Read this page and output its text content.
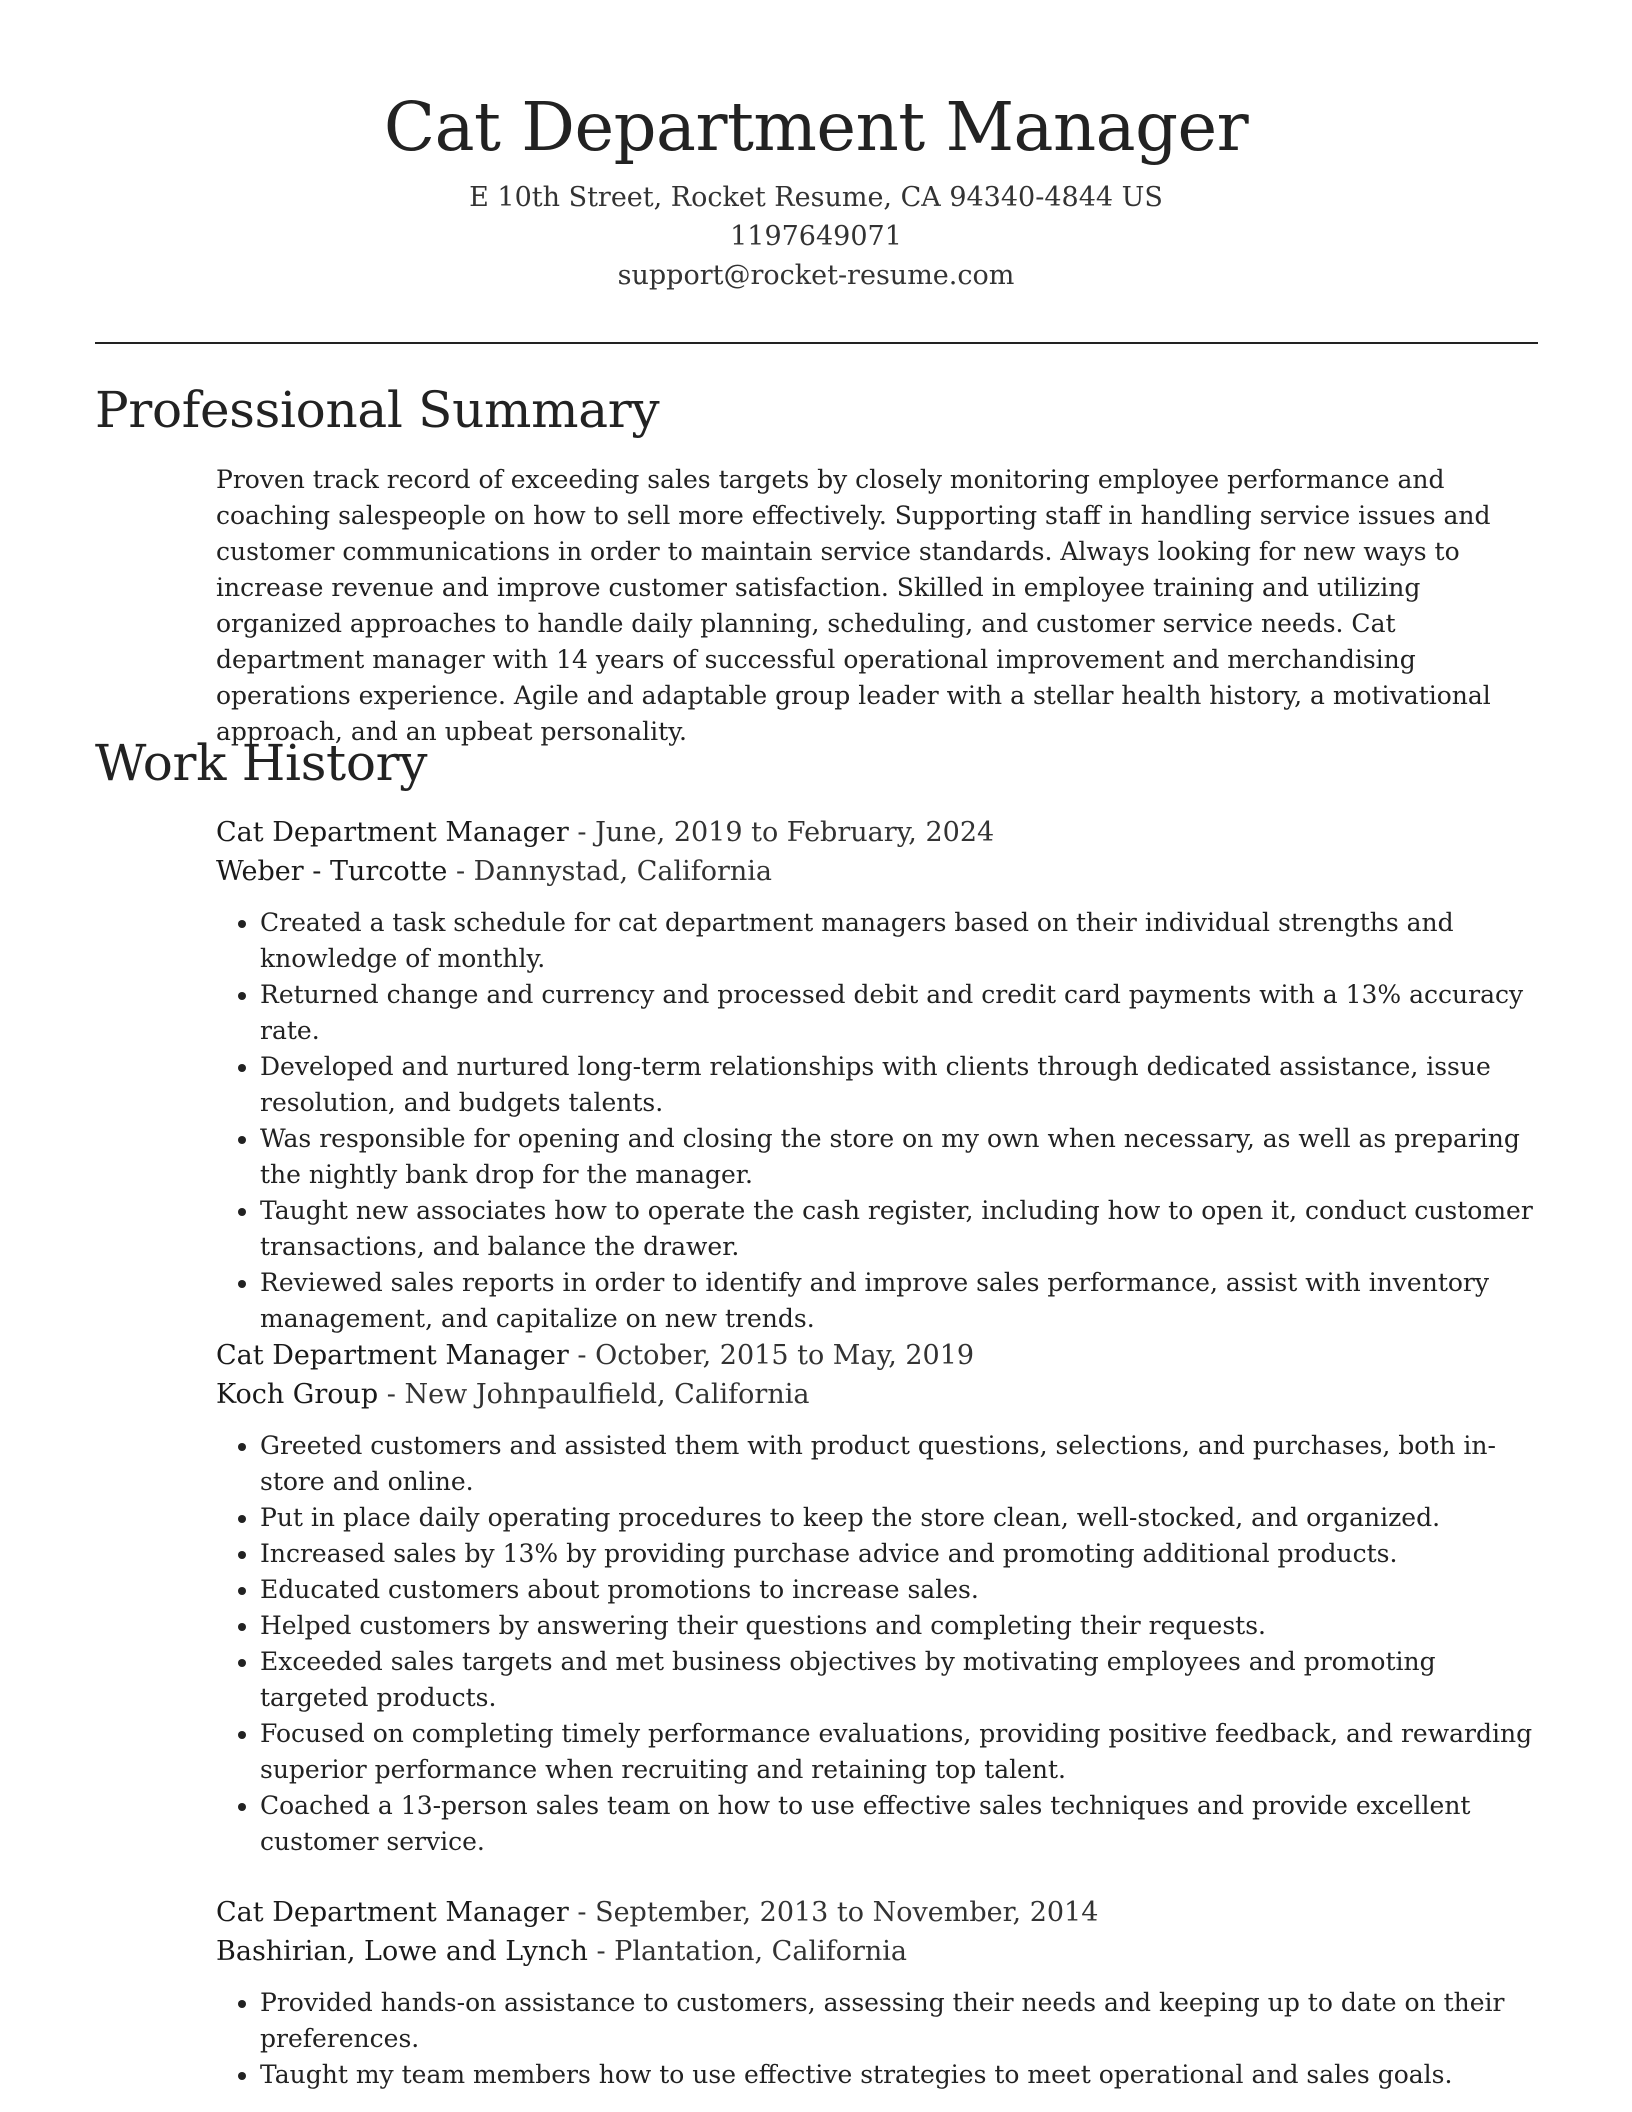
Cat Department Manager
E 10th Street, Rocket Resume, CA 94340-4844 US
1197649071
support@rocket-resume.com
Professional Summary
Proven track record of exceeding sales targets by closely monitoring employee performance and coaching salespeople on how to sell more effectively. Supporting staff in handling service issues and customer communications in order to maintain service standards. Always looking for new ways to increase revenue and improve customer satisfaction. Skilled in employee training and utilizing organized approaches to handle daily planning, scheduling, and customer service needs. Cat department manager with 14 years of successful operational improvement and merchandising operations experience. Agile and adaptable group leader with a stellar health history, a motivational approach, and an upbeat personality.
Work History
Cat Department Manager - June, 2019 to February, 2024
Weber - Turcotte - Dannystad, California
• Created a task schedule for cat department managers based on their individual strengths and knowledge of monthly.
• Returned change and currency and processed debit and credit card payments with a 13% accuracy rate.
• Developed and nurtured long-term relationships with clients through dedicated assistance, issue resolution, and budgets talents.
• Was responsible for opening and closing the store on my own when necessary, as well as preparing the nightly bank drop for the manager.
• Taught new associates how to operate the cash register, including how to open it, conduct customer transactions, and balance the drawer.
• Reviewed sales reports in order to identify and improve sales performance, assist with inventory management, and capitalize on new trends.
Cat Department Manager - October, 2015 to May, 2019
Koch Group - New Johnpaulfield, California
• Greeted customers and assisted them with product questions, selections, and purchases, both in-store and online.
• Put in place daily operating procedures to keep the store clean, well-stocked, and organized.
• Increased sales by 13% by providing purchase advice and promoting additional products.
• Educated customers about promotions to increase sales.
• Helped customers by answering their questions and completing their requests.
• Exceeded sales targets and met business objectives by motivating employees and promoting targeted products.
• Focused on completing timely performance evaluations, providing positive feedback, and rewarding superior performance when recruiting and retaining top talent.
• Coached a 13-person sales team on how to use effective sales techniques and provide excellent customer service.
Cat Department Manager - September, 2013 to November, 2014
Bashirian, Lowe and Lynch - Plantation, California
• Provided hands-on assistance to customers, assessing their needs and keeping up to date on their preferences.
• Taught my team members how to use effective strategies to meet operational and sales goals.
